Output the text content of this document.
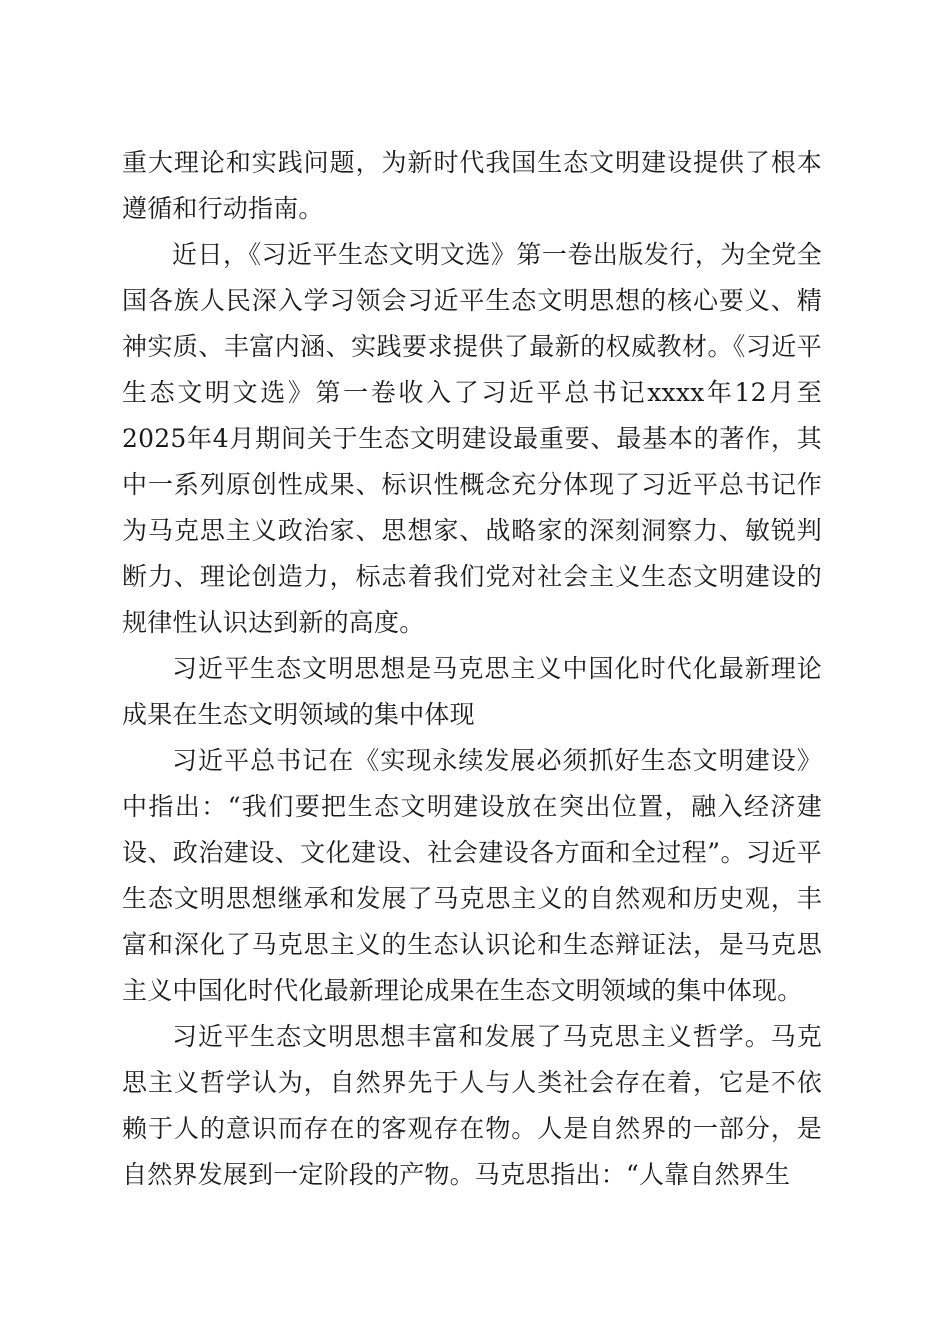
重大理论和实践问题，为新时代我国生态文明建设提供了根本遵循和行动指南。

近日，《习近平生态文明文选》第一卷出版发行，为全党全国各族人民深入学习领会习近平生态文明思想的核心要义、精神实质、丰富内涵、实践要求提供了最新的权威教材。《习近平生态文明文选》第一卷收入了习近平总书记xxxx年12月至2025年4月期间关于生态文明建设最重要、最基本的著作，其中一系列原创性成果、标识性概念充分体现了习近平总书记作为马克思主义政治家、思想家、战略家的深刻洞察力、敏锐判断力、理论创造力，标志着我们党对社会主义生态文明建设的规律性认识达到新的高度。

习近平生态文明思想是马克思主义中国化时代化最新理论成果在生态文明领域的集中体现

习近平总书记在《实现永续发展必须抓好生态文明建设》中指出：“我们要把生态文明建设放在突出位置，融入经济建设、政治建设、文化建设、社会建设各方面和全过程”。习近平生态文明思想继承和发展了马克思主义的自然观和历史观，丰富和深化了马克思主义的生态认识论和生态辩证法，是马克思主义中国化时代化最新理论成果在生态文明领域的集中体现。

习近平生态文明思想丰富和发展了马克思主义哲学。马克思主义哲学认为，自然界先于人与人类社会存在着，它是不依赖于人的意识而存在的客观存在物。人是自然界的一部分，是自然界发展到一定阶段的产物。马克思指出：“人靠自然界生
